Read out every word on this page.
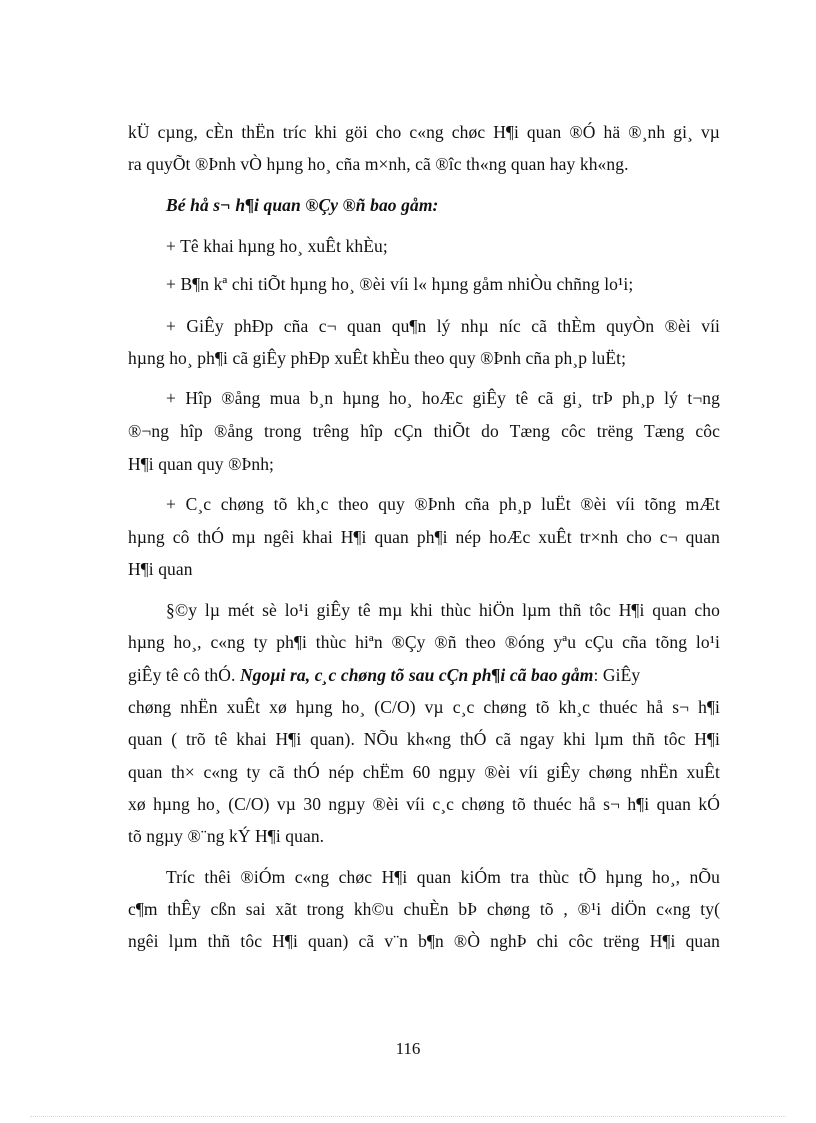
kÜ cµng, cÈn thËn tríc khi göi cho c«ng chøc H¶i quan ®Ó hä ®¸nh gi¸ vµ
ra quyÕt ®Þnh vÒ hµng ho¸ cña m×nh, cã ®îc th«ng quan hay kh«ng.
Bé hå s¬ h¶i quan ®Çy ®ñ bao gåm:
+ Tê khai hµng ho¸ xuÊt khÈu;
+ B¶n kª chi tiÕt hµng ho¸ ®èi víi l« hµng gåm nhiÒu chñng lo¹i;
+ GiÊy phÐp cña c¬ quan qu¶n lý nhµ níc cã thÈm quyÒn ®èi víi
hµng ho¸ ph¶i cã giÊy phÐp xuÊt khÈu theo quy ®Þnh cña ph¸p luËt;
+ Hîp ®ång mua b¸n hµng ho¸ hoÆc giÊy tê cã gi¸ trÞ ph¸p lý t¬ng
®¬ng hîp ®ång trong trêng hîp cÇn thiÕt do Tæng côc trëng Tæng côc
H¶i quan quy ®Þnh;
+ C¸c chøng tõ kh¸c theo quy ®Þnh cña ph¸p luËt ®èi víi tõng mÆt
hµng cô thÓ mµ ngêi khai H¶i quan ph¶i nép hoÆc xuÊt tr×nh cho c¬ quan
H¶i quan
§©y lµ mét sè lo¹i giÊy tê mµ khi thùc hiÖn lµm thñ tôc H¶i quan cho
hµng ho¸, c«ng ty ph¶i thùc hiªn ®Çy ®ñ theo ®óng yªu cÇu cña tõng lo¹i
giÊy tê cô thÓ. Ngoµi ra, c¸c chøng tõ sau cÇn ph¶i cã bao gåm: GiÊy
chøng nhËn xuÊt xø hµng ho¸ (C/O) vµ c¸c chøng tõ kh¸c thuéc hå s¬ h¶i
quan ( trõ tê khai H¶i quan). NÕu kh«ng thÓ cã ngay khi lµm thñ tôc H¶i
quan th× c«ng ty cã thÓ nép chËm 60 ngµy ®èi víi giÊy chøng nhËn xuÊt
xø hµng ho¸ (C/O) vµ 30 ngµy ®èi víi c¸c chøng tõ thuéc hå s¬ h¶i quan kÓ
tõ ngµy ®¨ng kÝ H¶i quan.
Tríc thêi ®iÓm c«ng chøc H¶i quan kiÓm tra thùc tÕ hµng ho¸, nÕu
c¶m thÊy cßn sai xãt trong kh©u chuÈn bÞ chøng tõ , ®¹i diÖn c«ng ty(
ngêi lµm thñ tôc H¶i quan) cã v¨n b¶n ®Ò nghÞ chi côc trëng H¶i quan
116
